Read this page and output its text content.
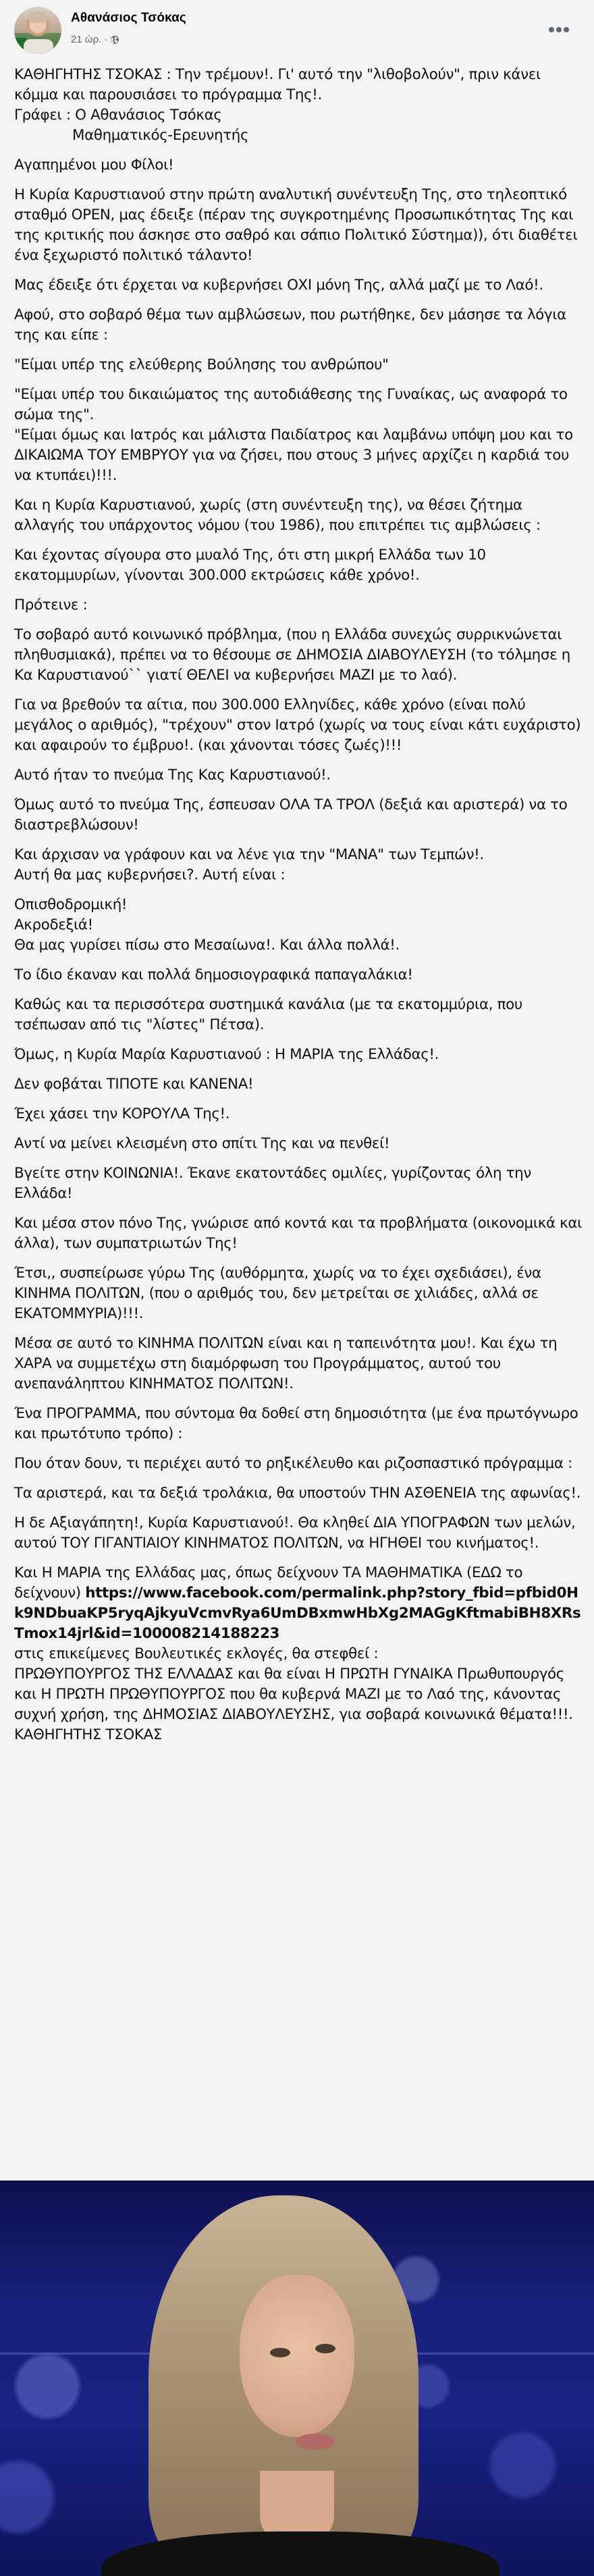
Αθανάσιος Τσόκας
21 ώρ. ·

ΚΑΘΗΓΗΤΗΣ ΤΣΟΚΑΣ : Την τρέμουν!. Γι' αυτό την "λιθοβολούν", πριν κάνει κόμμα και παρουσιάσει το πρόγραμμα Της!.

Γράφει : Ο Αθανάσιος Τσόκας

Μαθηματικός-Ερευνητής

Αγαπημένοι μου Φίλοι!

Η Κυρία Καρυστιανού στην πρώτη αναλυτική συνέντευξη Της, στο τηλεοπτικό σταθμό OPEN, μας έδειξε (πέραν της συγκροτημένης Προσωπικότητας Της και της κριτικής που άσκησε στο σαθρό και σάπιο Πολιτικό Σύστημα)), ότι διαθέτει ένα ξεχωριστό πολιτικό τάλαντο!

Μας έδειξε ότι έρχεται να κυβερνήσει ΟΧΙ μόνη Της, αλλά μαζί με το Λαό!.

Αφού, στο σοβαρό θέμα των αμβλώσεων, που ρωτήθηκε, δεν μάσησε τα λόγια της και είπε :

"Είμαι υπέρ της ελεύθερης Βούλησης του ανθρώπου"

"Είμαι υπέρ του δικαιώματος της αυτοδιάθεσης της Γυναίκας, ως αναφορά το σώμα της".

"Είμαι όμως και Ιατρός και μάλιστα Παιδίατρος και λαμβάνω υπόψη μου και το ΔΙΚΑΙΩΜΑ ΤΟΥ ΕΜΒΡΥΟΥ για να ζήσει, που στους 3 μήνες αρχίζει η καρδιά του να κτυπάει)!!!.

Και η Κυρία Καρυστιανού, χωρίς (στη συνέντευξη της), να θέσει ζήτημα αλλαγής του υπάρχοντος νόμου (του 1986), που επιτρέπει τις αμβλώσεις :

Και έχοντας σίγουρα στο μυαλό Της, ότι στη μικρή Ελλάδα των 10 εκατομμυρίων, γίνονται 300.000 εκτρώσεις κάθε χρόνο!.

Πρότεινε :

Το σοβαρό αυτό κοινωνικό πρόβλημα, (που η Ελλάδα συνεχώς συρρικνώνεται πληθυσμιακά), πρέπει να το θέσουμε σε ΔΗΜΟΣΙΑ ΔΙΑΒΟΥΛΕΥΣΗ (το τόλμησε η Κα Καρυστιανού`` γιατί ΘΕΛΕΙ να κυβερνήσει ΜΑΖΙ με το λαό).

Για να βρεθούν τα αίτια, που 300.000 Ελληνίδες, κάθε χρόνο (είναι πολύ μεγάλος ο αριθμός), "τρέχουν" στον Ιατρό (χωρίς να τους είναι κάτι ευχάριστο) και αφαιρούν το έμβρυο!. (και χάνονται τόσες ζωές)!!!

Αυτό ήταν το πνεύμα Της Κας Καρυστιανού!.

Όμως αυτό το πνεύμα Της, έσπευσαν ΟΛΑ ΤΑ ΤΡΟΛ (δεξιά και αριστερά) να το διαστρεβλώσουν!

Και άρχισαν να γράφουν και να λένε για την "ΜΑΝΑ" των Τεμπών!.

Αυτή θα μας κυβερνήσει?. Αυτή είναι :

Οπισθοδρομική!

Ακροδεξιά!

Θα μας γυρίσει πίσω στο Μεσαίωνα!. Και άλλα πολλά!.

Το ίδιο έκαναν και πολλά δημοσιογραφικά παπαγαλάκια!

Καθώς και τα περισσότερα συστημικά κανάλια (με τα εκατομμύρια, που τσέπωσαν από τις "λίστες" Πέτσα).

Όμως, η Κυρία Μαρία Καρυστιανού : Η ΜΑΡΙΑ της Ελλάδας!.

Δεν φοβάται ΤΙΠΟΤΕ και ΚΑΝΕΝΑ!

Έχει χάσει την ΚΟΡΟΥΛΑ Της!.

Αντί να μείνει κλεισμένη στο σπίτι Της και να πενθεί!

Βγείτε στην ΚΟΙΝΩΝΙΑ!. Έκανε εκατοντάδες ομιλίες, γυρίζοντας όλη την Ελλάδα!

Και μέσα στον πόνο Της, γνώρισε από κοντά και τα προβλήματα (οικονομικά και άλλα), των συμπατριωτών Της!

Έτσι,, συσπείρωσε γύρω Της (αυθόρμητα, χωρίς να το έχει σχεδιάσει), ένα ΚΙΝΗΜΑ ΠΟΛΙΤΩΝ, (που ο αριθμός του, δεν μετρείται σε χιλιάδες, αλλά σε ΕΚΑΤΟΜΜΥΡΙΑ)!!!.

Μέσα σε αυτό το ΚΙΝΗΜΑ ΠΟΛΙΤΩΝ είναι και η ταπεινότητα μου!. Και έχω τη ΧΑΡΑ να συμμετέχω στη διαμόρφωση του Προγράμματος, αυτού του ανεπανάληπτου ΚΙΝΗΜΑΤΟΣ ΠΟΛΙΤΩΝ!.

Ένα ΠΡΟΓΡΑΜΜΑ, που σύντομα θα δοθεί στη δημοσιότητα (με ένα πρωτόγνωρο και πρωτότυπο τρόπο) :

Που όταν δουν, τι περιέχει αυτό το ρηξικέλευθο και ριζοσπαστικό πρόγραμμα :

Τα αριστερά, και τα δεξιά τρολάκια, θα υποστούν ΤΗΝ ΑΣΘΕΝΕΙΑ της αφωνίας!.

Η δε Αξιαγάπητη!, Κυρία Καρυστιανού!. Θα κληθεί ΔΙΑ ΥΠΟΓΡΑΦΩΝ των μελών, αυτού ΤΟΥ ΓΙΓΑΝΤΙΑΙΟΥ ΚΙΝΗΜΑΤΟΣ ΠΟΛΙΤΩΝ, να ΗΓΗΘΕΙ του κινήματος!.

Και Η ΜΑΡΙΑ της Ελλάδας μας, όπως δείχνουν ΤΑ ΜΑΘΗΜΑΤΙΚΑ (ΕΔΩ το δείχνουν) https://www.facebook.com/permalink.php?story_fbid=pfbid0Hk9NDbuaKP5ryqAjkyuVcmvRya6UmDBxmwHbXg2MAGgKftmabiBH8XRsTmox14jrl&id=100008214188223

στις επικείμενες Βουλευτικές εκλογές, θα στεφθεί :

ΠΡΩΘΥΠΟΥΡΓΟΣ ΤΗΣ ΕΛΛΑΔΑΣ και θα είναι Η ΠΡΩΤΗ ΓΥΝΑΙΚΑ Πρωθυπουργός και Η ΠΡΩΤΗ ΠΡΩΘΥΠΟΥΡΓΟΣ που θα κυβερνά ΜΑΖΙ με το Λαό της, κάνοντας συχνή χρήση, της ΔΗΜΟΣΙΑΣ ΔΙΑΒΟΥΛΕΥΣΗΣ, για σοβαρά κοινωνικά θέματα!!!.

ΚΑΘΗΓΗΤΗΣ ΤΣΟΚΑΣ
